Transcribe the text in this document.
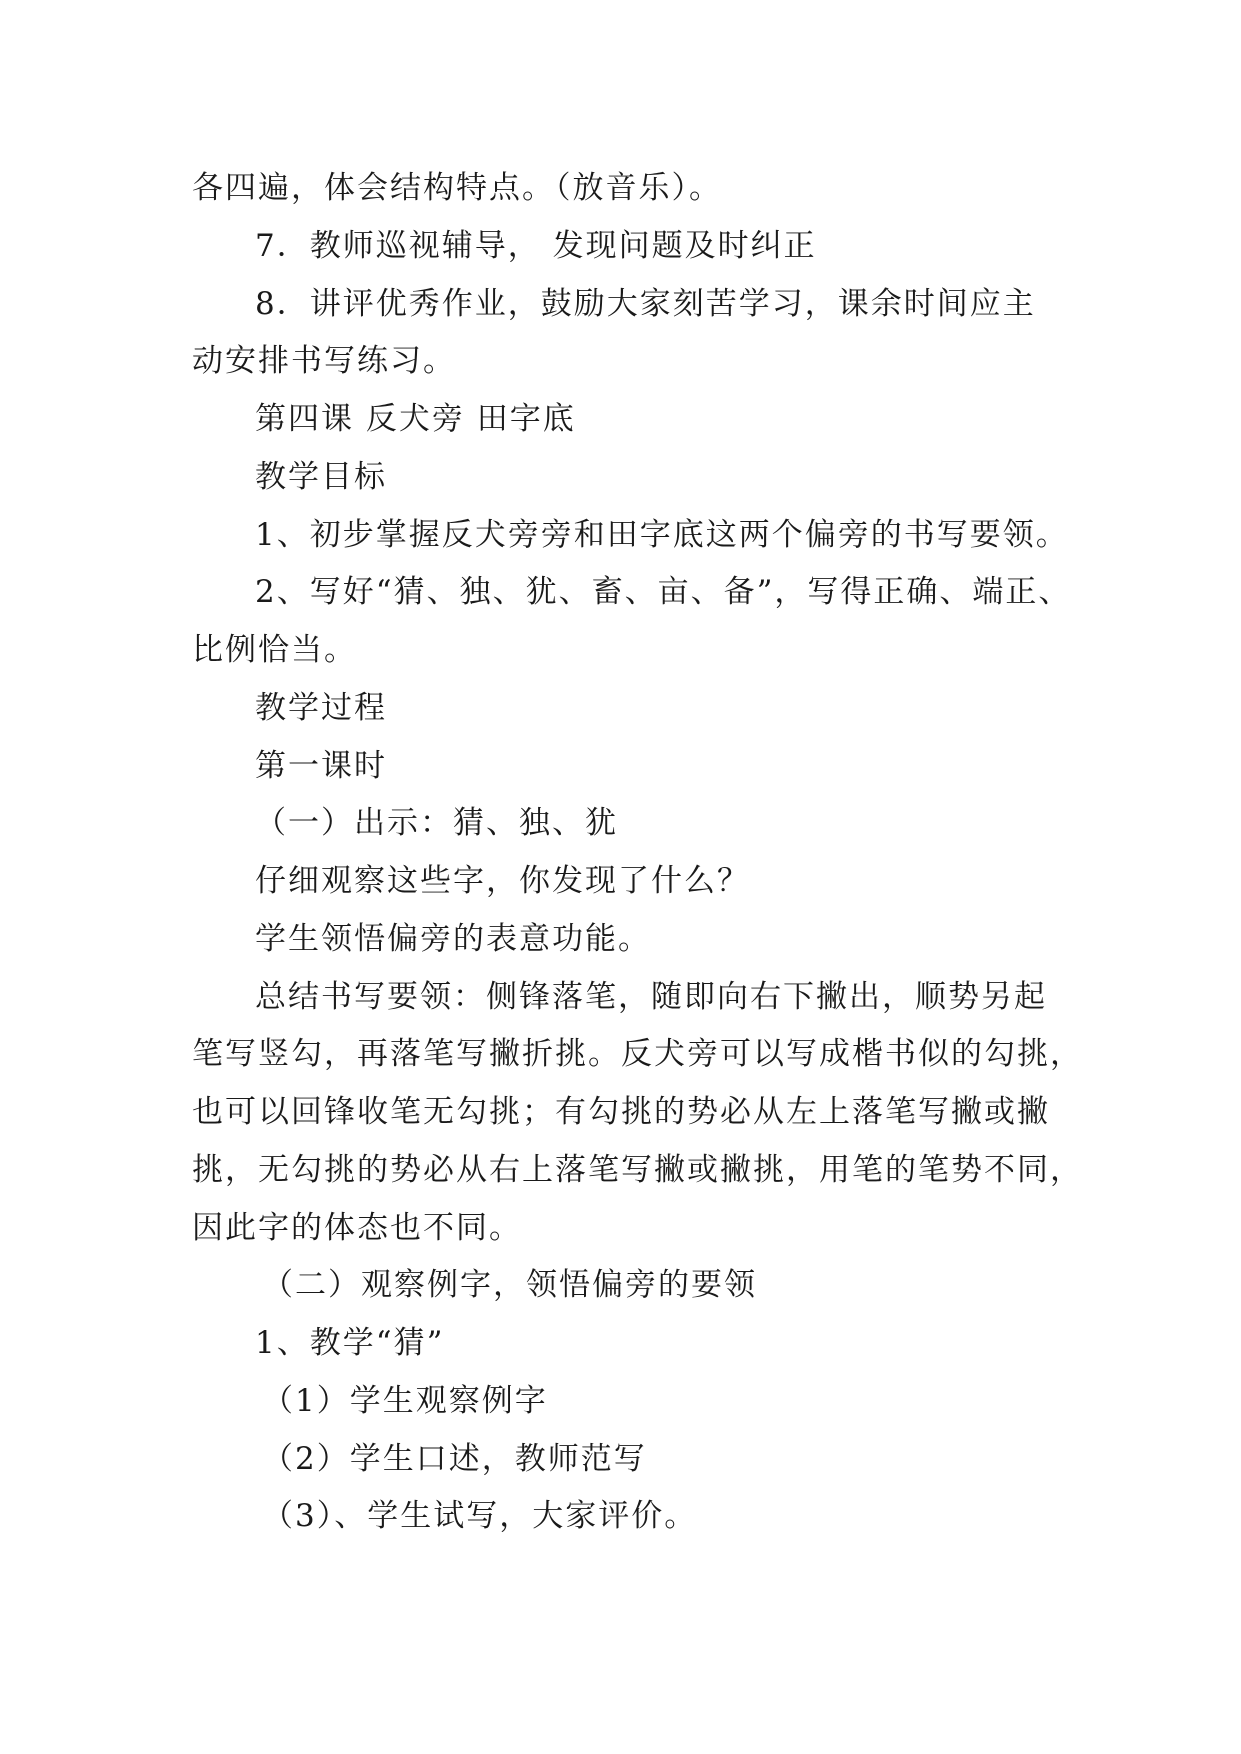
各四遍，体会结构特点。（放音乐）。
7．教师巡视辅导， 发现问题及时纠正
8．讲评优秀作业，鼓励大家刻苦学习，课余时间应主
动安排书写练习。
第四课 反犬旁 田字底
教学目标
1、初步掌握反犬旁旁和田字底这两个偏旁的书写要领。
2、写好“猜、独、犹、畜、亩、备”，写得正确、端正、
比例恰当。
教学过程
第一课时
（一）出示：猜、独、犹
仔细观察这些字，你发现了什么？
学生领悟偏旁的表意功能。
总结书写要领：侧锋落笔，随即向右下撇出，顺势另起
笔写竖勾，再落笔写撇折挑。反犬旁可以写成楷书似的勾挑，
也可以回锋收笔无勾挑；有勾挑的势必从左上落笔写撇或撇
挑，无勾挑的势必从右上落笔写撇或撇挑，用笔的笔势不同，
因此字的体态也不同。
（二）观察例字，领悟偏旁的要领
1、教学“猜”
（1）学生观察例字
（2）学生口述，教师范写
（3）、学生试写，大家评价。
